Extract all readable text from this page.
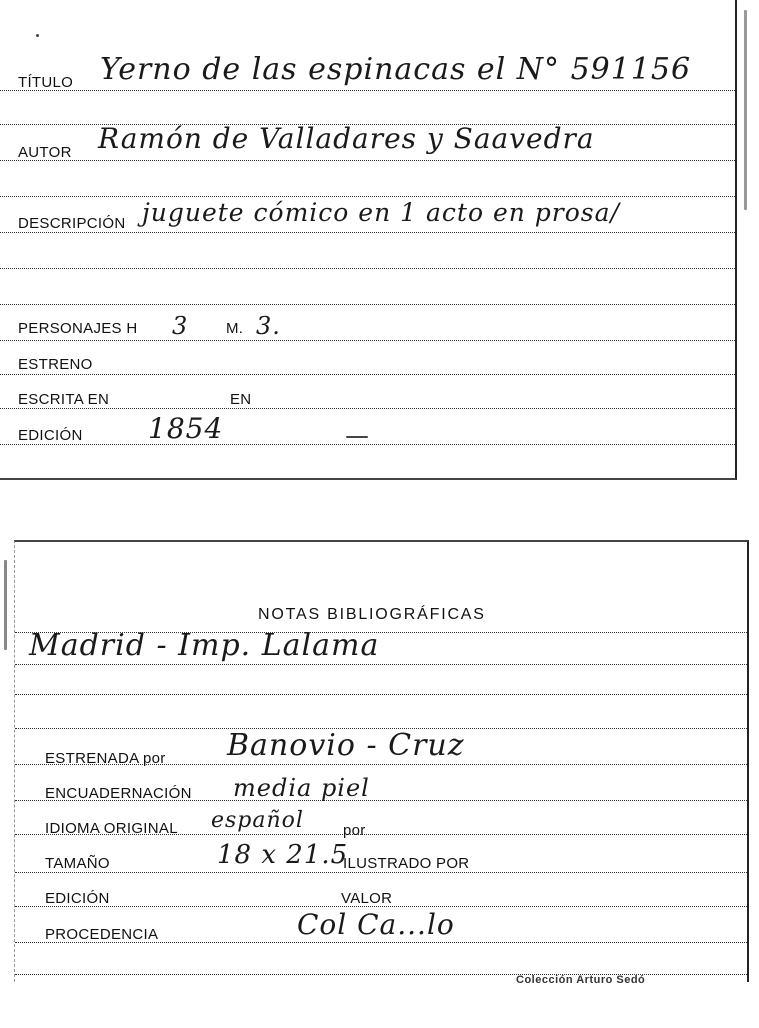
TÍTULO Yerno de las espinacas el N° 591156
AUTOR Ramón de Valladares y Saavedra
DESCRIPCIÓN juguete cómico en 1 acto en prosa/
PERSONAJES H 3	M. 3.
ESTRENO
ESCRITA EN	EN
EDICIÓN 1854
NOTAS BIBLIOGRÁFICAS
Madrid - Imp. Lalama
ESTRENADA por Banovio - Cruz
ENCUADERNACIÓN media piel
IDIOMA ORIGINAL español	por
TAMAÑO	18 x 21.5
ILUSTRADO POR
EDICIÓN	VALOR
PROCEDENCIA	Col Ca...lo
Colección Arturo Sedó
